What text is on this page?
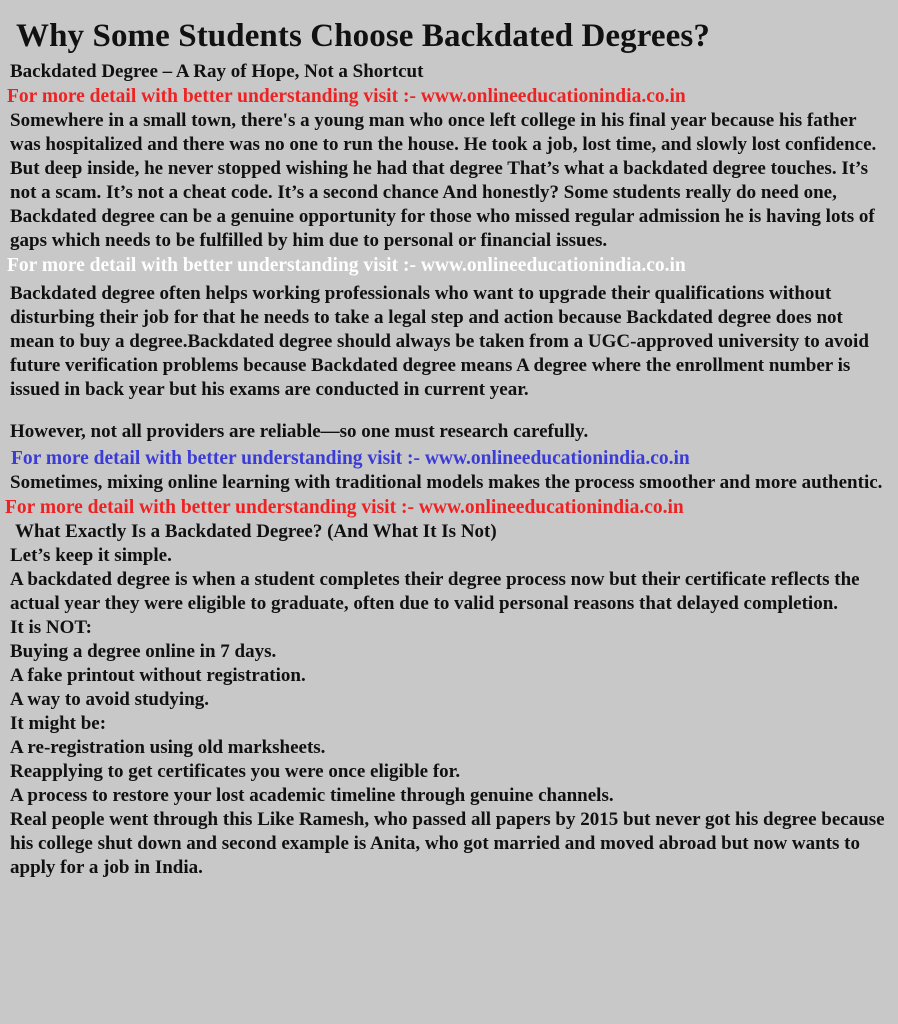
Why Some Students Choose Backdated Degrees?
Backdated Degree – A Ray of Hope, Not a Shortcut
For more detail with better understanding visit :- www.onlineeducationindia.co.in

Somewhere in a small town, there's a young man who once left college in his final year because his father was hospitalized and there was no one to run the house. He took a job, lost time, and slowly lost confidence. But deep inside, he never stopped wishing he had that degree That’s what a backdated degree touches. It’s not a scam. It’s not a cheat code. It’s a second chance And honestly? Some students really do need one, Backdated degree can be a genuine opportunity for those who missed regular admission he is having lots of gaps which needs to be fulfilled by him due to personal or financial issues.

For more detail with better understanding visit :- www.onlineeducationindia.co.in

Backdated degree often helps working professionals who want to upgrade their qualifications without disturbing their job for that he needs to take a legal step and action because Backdated degree does not mean to buy a degree.Backdated degree should always be taken from a UGC-approved university to avoid future verification problems because Backdated degree means A degree where the enrollment number is issued in back year but his exams are conducted in current year.

However, not all providers are reliable—so one must research carefully.

For more detail with better understanding visit :- www.onlineeducationindia.co.in

Sometimes, mixing online learning with traditional models makes the process smoother and more authentic.

For more detail with better understanding visit :- www.onlineeducationindia.co.in
What Exactly Is a Backdated Degree? (And What It Is Not)
Let’s keep it simple.

A backdated degree is when a student completes their degree process now but their certificate reflects the actual year they were eligible to graduate, often due to valid personal reasons that delayed completion.

It is NOT:
Buying a degree online in 7 days.
A fake printout without registration.
A way to avoid studying.
It might be:
A re-registration using old marksheets.
Reapplying to get certificates you were once eligible for.
A process to restore your lost academic timeline through genuine channels.

Real people went through this Like Ramesh, who passed all papers by 2015 but never got his degree because his college shut down and second example is Anita, who got married and moved abroad but now wants to apply for a job in India.
